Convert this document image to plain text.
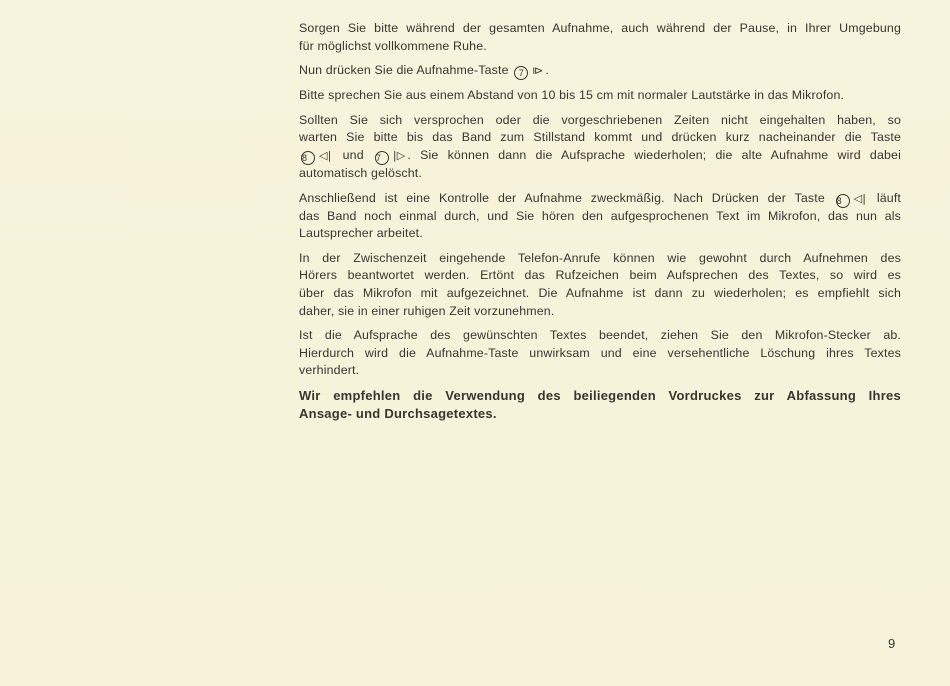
Sorgen Sie bitte während der gesamten Aufnahme, auch während der Pause, in Ihrer Umgebung
für möglichst vollkommene Ruhe.

Nun drücken Sie die Aufnahme-Taste 7 ⧐ .

Bitte sprechen Sie aus einem Abstand von 10 bis 15 cm mit normaler Lautstärke in das Mikrofon.

Sollten Sie sich versprochen oder die vorgeschriebenen Zeiten nicht eingehalten haben, so
warten Sie bitte bis das Band zum Stillstand kommt und drücken kurz nacheinander die Taste
8 ◁| und 7 |▷ . Sie können dann die Aufsprache wiederholen; die alte Aufnahme wird dabei
automatisch gelöscht.

Anschließend ist eine Kontrolle der Aufnahme zweckmäßig. Nach Drücken der Taste 8 ◁| läuft
das Band noch einmal durch, und Sie hören den aufgesprochenen Text im Mikrofon, das nun als
Lautsprecher arbeitet.

In der Zwischenzeit eingehende Telefon-Anrufe können wie gewohnt durch Aufnehmen des
Hörers beantwortet werden. Ertönt das Rufzeichen beim Aufsprechen des Textes, so wird es
über das Mikrofon mit aufgezeichnet. Die Aufnahme ist dann zu wiederholen; es empfiehlt sich
daher, sie in einer ruhigen Zeit vorzunehmen.

Ist die Aufsprache des gewünschten Textes beendet, ziehen Sie den Mikrofon-Stecker ab.
Hierdurch wird die Aufnahme-Taste unwirksam und eine versehentliche Löschung ihres Textes
verhindert.

Wir empfehlen die Verwendung des beiliegenden Vordruckes zur Abfassung Ihres
Ansage- und Durchsagetextes.

9
